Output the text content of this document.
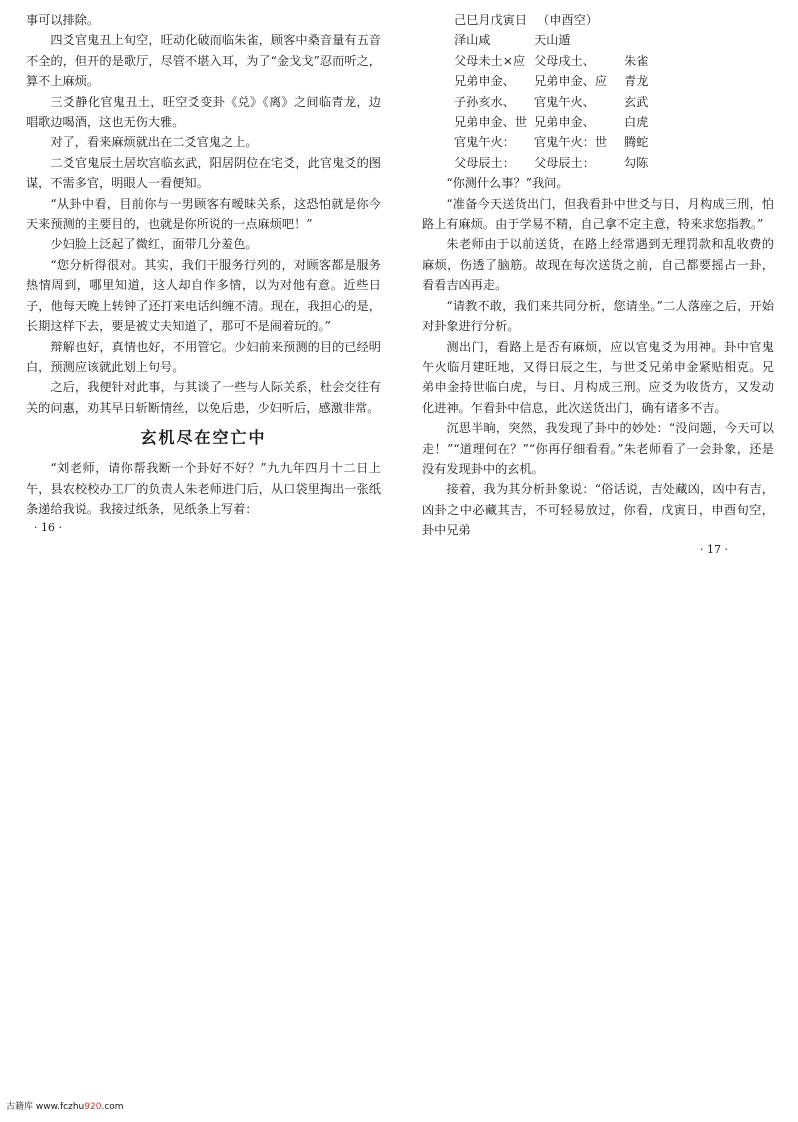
事可以排除。

四爻官鬼丑上旬空，旺动化破而临朱雀，顾客中桑音量有五音不全的，但开的是歌厅，尽管不堪入耳，为了“金戈戈”忍而听之，算不上麻烦。

三爻静化官鬼丑土，旺空爻变卦《兑》《离》之间临青龙，边唱歌边喝酒，这也无伤大雅。

对了，看来麻烦就出在二爻官鬼之上。

二爻官鬼辰土居坎宫临玄武，阳居阴位在宅爻，此官鬼爻的图谋，不需多官，明眼人一看便知。

“从卦中看，目前你与一男顾客有暧昧关系，这恐怕就是你今天来预测的主要目的，也就是你所说的一点麻烦吧！”

少妇脸上泛起了微红，面带几分羞色。

“您分析得很对。其实，我们干服务行列的，对顾客都是服务热情周到，哪里知道，这人却自作多情，以为对他有意。近些日子，他每天晚上转钟了还打来电话纠缠不清。现在，我担心的是，长期这样下去，要是被丈夫知道了，那可不是闹着玩的。”

辩解也好，真情也好，不用管它。少妇前来预测的目的已经明白，预测应该就此划上句号。

之后，我便针对此事，与其谈了一些与人际关系，杜会交往有关的问惠，劝其早日斩断情丝，以免后患，少妇听后，感激非常。

玄机尽在空亡中

“刘老师，请你帮我断一个卦好不好？”九九年四月十二日上午，县农校校办工厂的负责人朱老师进门后，从口袋里掏出一张纸条递给我说。我接过纸条，见纸条上写着：

· 16 ·
己巳月戊寅日 （申酉空）
泽山咸	天山遁
父母未土×应 父母戌土、	朱雀
兄弟申金、	兄弟申金、应	青龙
子孙亥水、	官鬼午火、	玄武
兄弟申金、世 兄弟申金、	白虎
官鬼午火：	官鬼午火：世	腾蛇
父母辰土：	父母辰土：	勾陈

“你测什么事？”我问。

“准备今天送货出门，但我看卦中世爻与日，月构成三刑，怕路上有麻烦。由于学易不精，自己拿不定主意，特来求您指教。”

朱老师由于以前送货，在路上经常遇到无理罚款和乱收费的麻烦，伤透了脑筋。故现在每次送货之前，自己都要摇占一卦，看看吉凶再走。

“请教不敢，我们来共同分析，您请坐。”二人落座之后，开始对卦象进行分析。

测出门，看路上是否有麻烦，应以官鬼爻为用神。卦中官鬼午火临月建旺地，又得日辰之生，与世爻兄弟申金紧贴相克。兄弟申金持世临白虎，与日、月构成三刑。应爻为收货方，又发动化进神。乍看卦中信息，此次送货出门，确有诸多不吉。

沉思半晌，突然，我发现了卦中的妙处：“没问题，今天可以走！”“道理何在？”“你再仔细看看。”朱老师看了一会卦象，还是没有发现卦中的玄机。

接着，我为其分析卦象说：“俗话说，吉处藏凶，凶中有吉，凶卦之中必藏其吉，不可轻易放过，你看，戊寅日，申酉旬空，卦中兄弟

· 17 ·
古籍库 www.fczhu920.com
